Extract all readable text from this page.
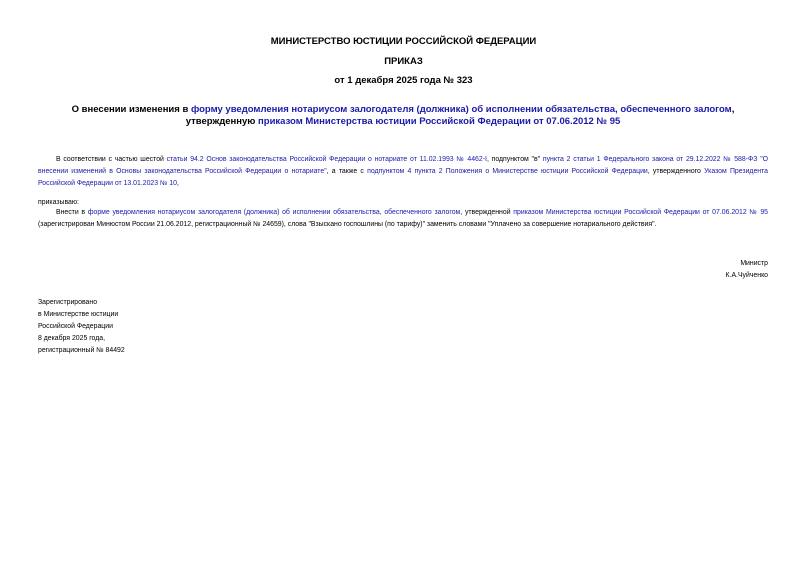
МИНИСТЕРСТВО ЮСТИЦИИ РОССИЙСКОЙ ФЕДЕРАЦИИ
ПРИКАЗ
от 1 декабря 2025 года № 323
О внесении изменения в форму уведомления нотариусом залогодателя (должника) об исполнении обязательства, обеспеченного залогом, утвержденную приказом Министерства юстиции Российской Федерации от 07.06.2012 № 95
В соответствии с частью шестой статьи 94.2 Основ законодательства Российской Федерации о нотариате от 11.02.1993 № 4462-I, подпунктом "в" пункта 2 статьи 1 Федерального закона от 29.12.2022 № 588-ФЗ "О внесении изменений в Основы законодательства Российской Федерации о нотариате", а также с подпунктом 4 пункта 2 Положения о Министерстве юстиции Российской Федерации, утвержденного Указом Президента Российской Федерации от 13.01.2023 № 10,
приказываю:
Внести в форме уведомления нотариусом залогодателя (должника) об исполнении обязательства, обеспеченного залогом, утвержденной приказом Министерства юстиции Российской Федерации от 07.06.2012 № 95 (зарегистрирован Минюстом России 21.06.2012, регистрационный № 24659), слова "Взыскано госпошлины (по тарифу)" заменить словами "Уплачено за совершение нотариального действия".
Министр
К.А.Чуйченко
Зарегистрировано
в Министерстве юстиции
Российской Федерации
8 декабря 2025 года,
регистрационный № 84492
